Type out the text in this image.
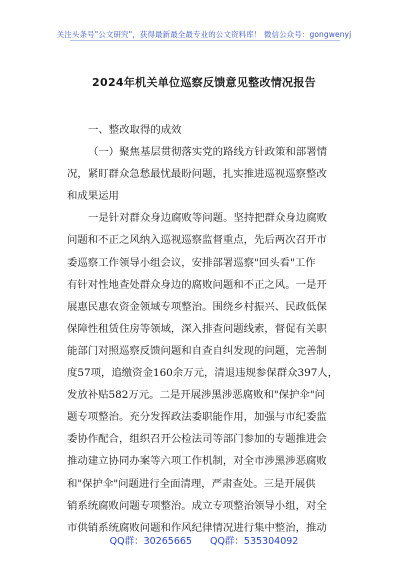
关注头条号"公文研究"，获得最新最全最专业的公文资料库！ 微信公众号：gongwenyj
2024年机关单位巡察反馈意见整改情况报告
一、整改取得的成效
（一）聚焦基层贯彻落实党的路线方针政策和部署情
况，紧盯群众急愁最忧最盼问题，扎实推进巡视巡察整改
和成果运用
一是针对群众身边腐败等问题。坚持把群众身边腐败
问题和不正之风纳入巡视巡察监督重点，先后两次召开市
委巡察工作领导小组会议，安排部署巡察"回头看"工作
有针对性地查处群众身边的腐败问题和不正之风。一是开
展惠民惠农资金领域专项整治。围绕乡村振兴、民政低保
保障性租赁住房等领域，深入排查问题线索，督促有关职
能部门对照巡察反馈问题和自查自纠发现的问题，完善制
度57项，追缴资金160余万元，清退违规参保群众397人，
发放补贴582万元。二是开展涉黑涉恶腐败和"保护伞"问
题专项整治。充分发挥政法委职能作用，加强与市纪委监
委协作配合，组织召开公检法司等部门参加的专题推进会
推动建立协同办案等六项工作机制，对全市涉黑涉恶腐败
和"保护伞"问题进行全面清理，严肃查处。三是开展供
销系统腐败问题专项整治。成立专项整治领导小组，对全
市供销系统腐败问题和作风纪律情况进行集中整治，推动
QQ群：30265665 QQ群：535304092
